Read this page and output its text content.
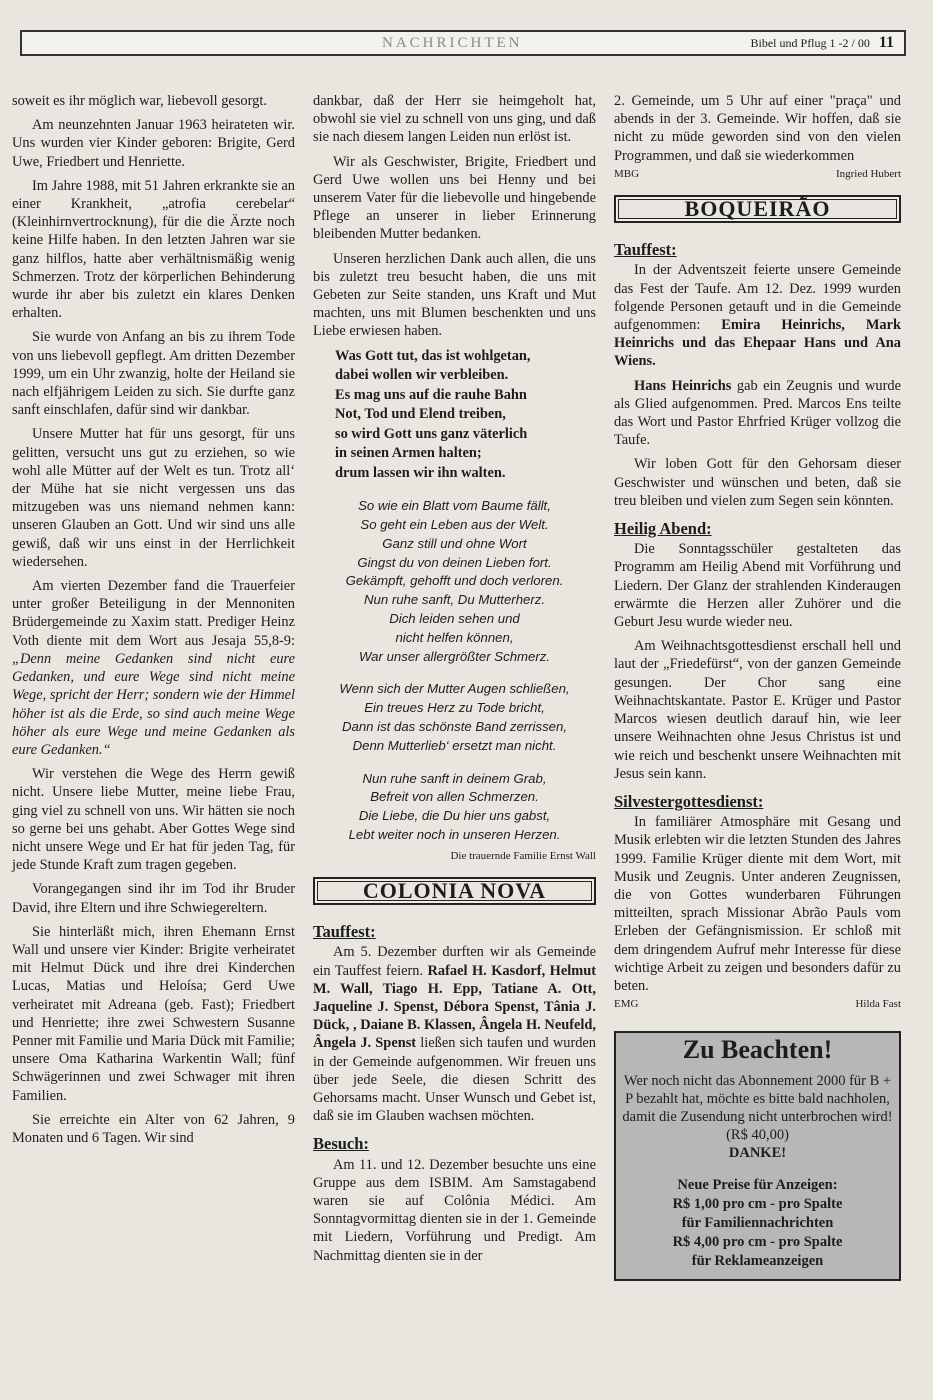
NACHRICHTEN	Bibel und Pflug 1 -2 / 00 11

soweit es ihr möglich war, liebevoll gesorgt.

Am neunzehnten Januar 1963 heirateten wir. Uns wurden vier Kinder geboren: Brigite, Gerd Uwe, Friedbert und Henriette.

Im Jahre 1988, mit 51 Jahren erkrankte sie an einer Krankheit, „atrofia cerebelar“ (Kleinhirnvertrocknung), für die die Ärzte noch keine Hilfe haben. In den letzten Jahren war sie ganz hilflos, hatte aber verhältnismäßig wenig Schmerzen. Trotz der körperlichen Behinderung wurde ihr aber bis zuletzt ein klares Denken erhalten.

Sie wurde von Anfang an bis zu ihrem Tode von uns liebevoll gepflegt. Am dritten Dezember 1999, um ein Uhr zwanzig, holte der Heiland sie nach elfjährigem Leiden zu sich. Sie durfte ganz sanft einschlafen, dafür sind wir dankbar.

Unsere Mutter hat für uns gesorgt, für uns gelitten, versucht uns gut zu erziehen, so wie wohl alle Mütter auf der Welt es tun. Trotz all‘ der Mühe hat sie nicht vergessen uns das mitzugeben was uns niemand nehmen kann: unseren Glauben an Gott. Und wir sind uns alle gewiß, daß wir uns einst in der Herrlichkeit wiedersehen.

Am vierten Dezember fand die Trauerfeier unter großer Beteiligung in der Mennoniten Brüdergemeinde zu Xaxim statt. Prediger Heinz Voth diente mit dem Wort aus Jesaja 55,8-9: „Denn meine Gedanken sind nicht eure Gedanken, und eure Wege sind nicht meine Wege, spricht der Herr; sondern wie der Himmel höher ist als die Erde, so sind auch meine Wege höher als eure Wege und meine Gedanken als eure Gedanken.“

Wir verstehen die Wege des Herrn gewiß nicht. Unsere liebe Mutter, meine liebe Frau, ging viel zu schnell von uns. Wir hätten sie noch so gerne bei uns gehabt. Aber Gottes Wege sind nicht unsere Wege und Er hat für jeden Tag, für jede Stunde Kraft zum tragen gegeben.

Vorangegangen sind ihr im Tod ihr Bruder David, ihre Eltern und ihre Schwiegereltern.

Sie hinterläßt mich, ihren Ehemann Ernst Wall und unsere vier Kinder: Brigite verheiratet mit Helmut Dück und ihre drei Kinderchen Lucas, Matias und Heloísa; Gerd Uwe verheiratet mit Adreana (geb. Fast); Friedbert und Henriette; ihre zwei Schwestern Susanne Penner mit Familie und Maria Dück mit Familie; unsere Oma Katharina Warkentin Wall; fünf Schwägerinnen und zwei Schwager mit ihren Familien.

Sie erreichte ein Alter von 62 Jahren, 9 Monaten und 6 Tagen. Wir sind

dankbar, daß der Herr sie heimgeholt hat, obwohl sie viel zu schnell von uns ging, und daß sie nach diesem langen Leiden nun erlöst ist.

Wir als Geschwister, Brigite, Friedbert und Gerd Uwe wollen uns bei Henny und bei unserem Vater für die liebevolle und hingebende Pflege an unserer in lieber Erinnerung bleibenden Mutter bedanken.

Unseren herzlichen Dank auch allen, die uns bis zuletzt treu besucht haben, die uns mit Gebeten zur Seite standen, uns Kraft und Mut machten, uns mit Blumen beschenkten und uns Liebe erwiesen haben.

Was Gott tut, das ist wohlgetan,
dabei wollen wir verbleiben.
Es mag uns auf die rauhe Bahn
Not, Tod und Elend treiben,
so wird Gott uns ganz väterlich
in seinen Armen halten;
drum lassen wir ihn walten.
So wie ein Blatt vom Baume fällt,
So geht ein Leben aus der Welt.
Ganz still und ohne Wort
Gingst du von deinen Lieben fort.
Gekämpft, gehofft und doch verloren.
Nun ruhe sanft, Du Mutterherz.
Dich leiden sehen und
nicht helfen können,
War unser allergrößter Schmerz.
Wenn sich der Mutter Augen schließen,
Ein treues Herz zu Tode bricht,
Dann ist das schönste Band zerrissen,
Denn Mutterlieb‘ ersetzt man nicht.
Nun ruhe sanft in deinem Grab,
Befreit von allen Schmerzen.
Die Liebe, die Du hier uns gabst,
Lebt weiter noch in unseren Herzen.
Die trauernde Familie Ernst Wall
COLONIA NOVA
Tauffest:

Am 5. Dezember durften wir als Gemeinde ein Tauffest feiern. Rafael H. Kasdorf, Helmut M. Wall, Tiago H. Epp, Tatiane A. Ott, Jaqueline J. Spenst, Débora Spenst, Tânia J. Dück, , Daiane B. Klassen, Ângela H. Neufeld, Ângela J. Spenst ließen sich taufen und wurden in der Gemeinde aufgenommen. Wir freuen uns über jede Seele, die diesen Schritt des Gehorsams macht. Unser Wunsch und Gebet ist, daß sie im Glauben wachsen möchten.

Besuch:

Am 11. und 12. Dezember besuchte uns eine Gruppe aus dem ISBIM. Am Samstagabend waren sie auf Colônia Médici. Am Sonntagvormittag dienten sie in der 1. Gemeinde mit Liedern, Vorführung und Predigt. Am Nachmittag dienten sie in der

2. Gemeinde, um 5 Uhr auf einer "praça" und abends in der 3. Gemeinde. Wir hoffen, daß sie nicht zu müde geworden sind von den vielen Programmen, und daß sie wiederkommen

MBG	Ingried Hubert
BOQUEIRÃO
Tauffest:

In der Adventszeit feierte unsere Gemeinde das Fest der Taufe. Am 12. Dez. 1999 wurden folgende Personen getauft und in die Gemeinde aufgenommen: Emira Heinrichs, Mark Heinrichs und das Ehepaar Hans und Ana Wiens.

Hans Heinrichs gab ein Zeugnis und wurde als Glied aufgenommen. Pred. Marcos Ens teilte das Wort und Pastor Ehrfried Krüger vollzog die Taufe.

Wir loben Gott für den Gehorsam dieser Geschwister und wünschen und beten, daß sie treu bleiben und vielen zum Segen sein könnten.

Heilig Abend:

Die Sonntagsschüler gestalteten das Programm am Heilig Abend mit Vorführung und Liedern. Der Glanz der strahlenden Kinderaugen erwärmte die Herzen aller Zuhörer und die Geburt Jesu wurde wieder neu.

Am Weihnachtsgottesdienst erschall hell und laut der „Friedefürst“, von der ganzen Gemeinde gesungen. Der Chor sang eine Weihnachtskantate. Pastor E. Krüger und Pastor Marcos wiesen deutlich darauf hin, wie leer unsere Weihnachten ohne Jesus Christus ist und wie reich und beschenkt unsere Weihnachten mit Jesus sein kann.

Silvestergottesdienst:

In familiärer Atmosphäre mit Gesang und Musik erlebten wir die letzten Stunden des Jahres 1999. Familie Krüger diente mit dem Wort, mit Musik und Zeugnis. Unter anderen Zeugnissen, die von Gottes wunderbaren Führungen mitteilten, sprach Missionar Abrão Pauls vom Erleben der Gefängnismission. Er schloß mit dem dringendem Aufruf mehr Interesse für diese wichtige Arbeit zu zeigen und besonders dafür zu beten.

EMG	Hilda Fast
Zu Beachten!
Wer noch nicht das Abonnement 2000 für B + P bezahlt hat, möchte es bitte bald nachholen, damit die Zusendung nicht unterbrochen wird! (R$ 40,00)
DANKE!
Neue Preise für Anzeigen:
R$ 1,00 pro cm - pro Spalte
für Familiennachrichten
R$ 4,00 pro cm - pro Spalte
für Reklameanzeigen
